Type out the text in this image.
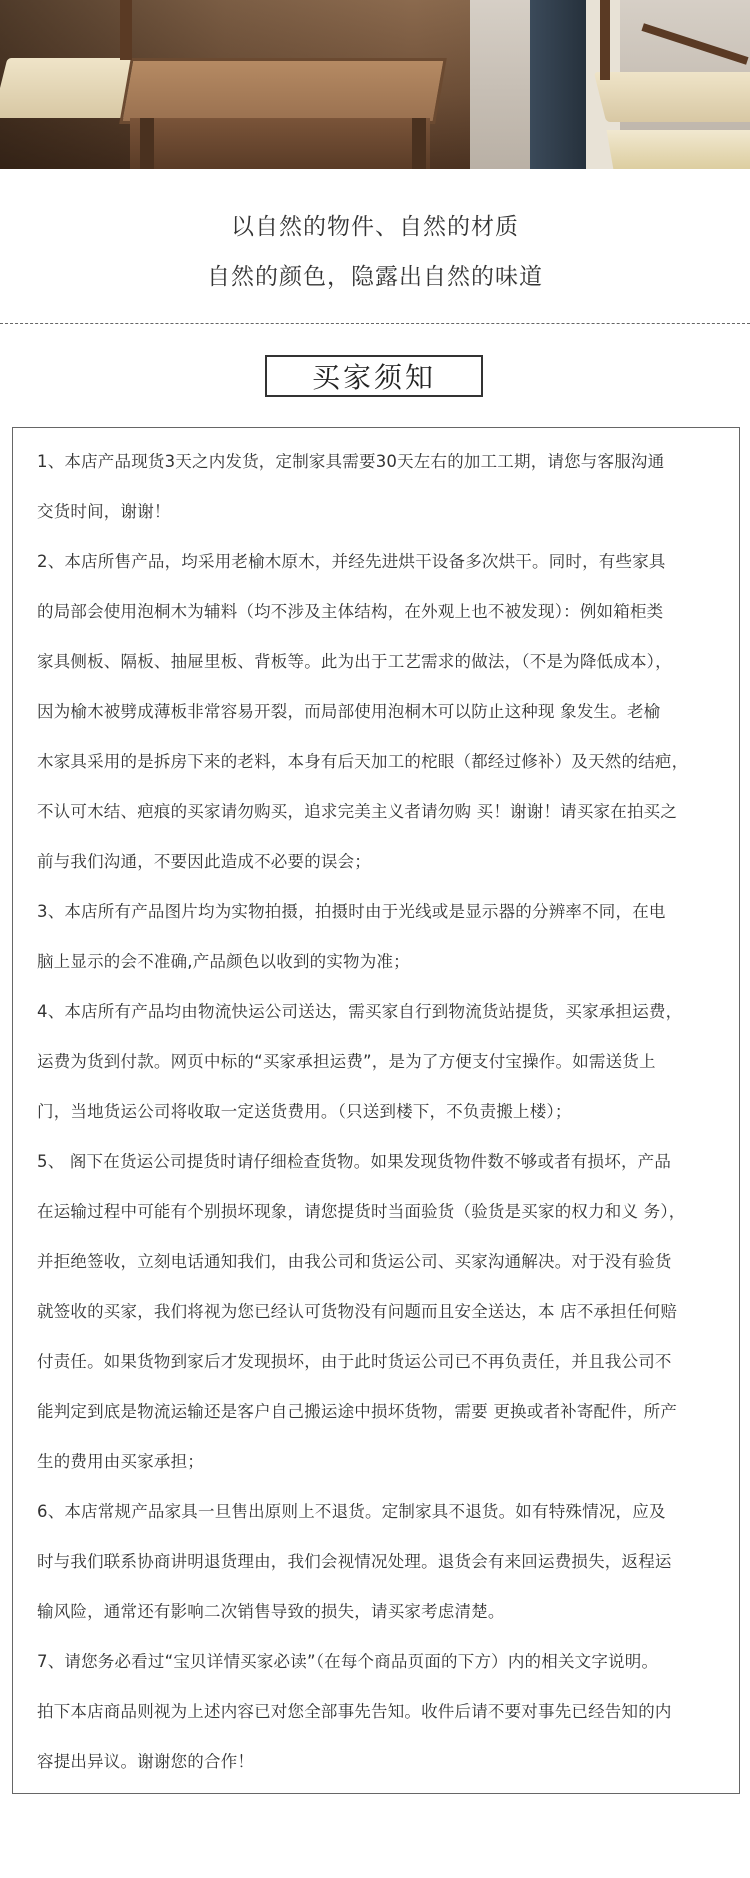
以自然的物件、自然的材质
自然的颜色，隐露出自然的味道
买家须知
1、本店产品现货3天之内发货，定制家具需要30天左右的加工工期，请您与客服沟通
交货时间，谢谢！
2、本店所售产品，均采用老榆木原木，并经先进烘干设备多次烘干。同时，有些家具
的局部会使用泡桐木为辅料（均不涉及主体结构，在外观上也不被发现）：例如箱柜类
家具侧板、隔板、抽屉里板、背板等。此为出于工艺需求的做法，（不是为降低成本），
因为榆木被劈成薄板非常容易开裂，而局部使用泡桐木可以防止这种现 象发生。老榆
木家具采用的是拆房下来的老料，本身有后天加工的柁眼（都经过修补）及天然的结疤，
不认可木结、疤痕的买家请勿购买，追求完美主义者请勿购 买！谢谢！请买家在拍买之
前与我们沟通，不要因此造成不必要的误会；
3、本店所有产品图片均为实物拍摄，拍摄时由于光线或是显示器的分辨率不同，在电
脑上显示的会不准确,产品颜色以收到的实物为准；
4、本店所有产品均由物流快运公司送达，需买家自行到物流货站提货，买家承担运费，
运费为货到付款。网页中标的“买家承担运费”，是为了方便支付宝操作。如需送货上
门，当地货运公司将收取一定送货费用。（只送到楼下，不负责搬上楼）；
5、 阁下在货运公司提货时请仔细检查货物。如果发现货物件数不够或者有损坏，产品
在运输过程中可能有个别损坏现象，请您提货时当面验货（验货是买家的权力和义 务），
并拒绝签收，立刻电话通知我们，由我公司和货运公司、买家沟通解决。对于没有验货
就签收的买家，我们将视为您已经认可货物没有问题而且安全送达，本 店不承担任何赔
付责任。如果货物到家后才发现损坏，由于此时货运公司已不再负责任，并且我公司不
能判定到底是物流运输还是客户自己搬运途中损坏货物，需要 更换或者补寄配件，所产
生的费用由买家承担；
6、本店常规产品家具一旦售出原则上不退货。定制家具不退货。如有特殊情况，应及
时与我们联系协商讲明退货理由，我们会视情况处理。退货会有来回运费损失，返程运
输风险，通常还有影响二次销售导致的损失，请买家考虑清楚。
7、请您务必看过“宝贝详情买家必读”（在每个商品页面的下方）内的相关文字说明。
拍下本店商品则视为上述内容已对您全部事先告知。收件后请不要对事先已经告知的内
容提出异议。谢谢您的合作！
